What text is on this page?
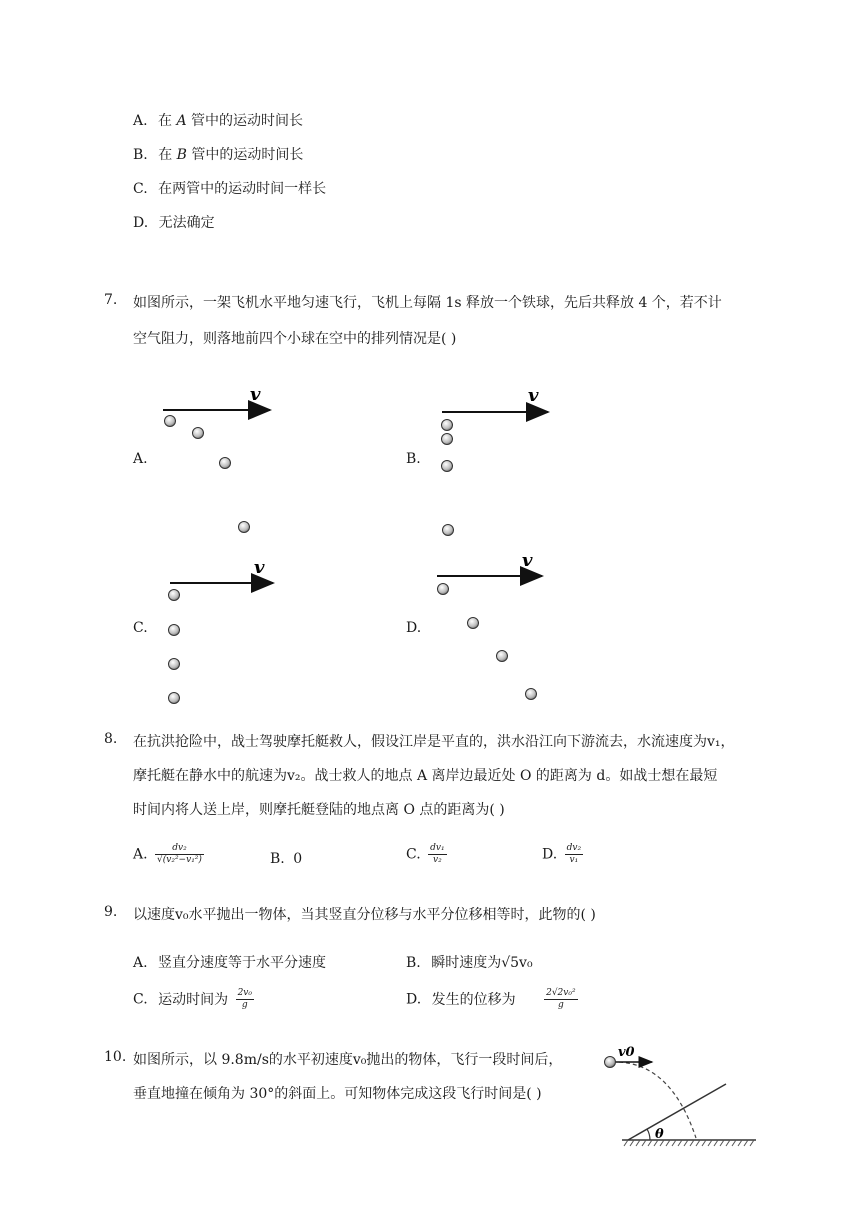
A. 在 A 管中的运动时间长
B. 在 B 管中的运动时间长
C. 在两管中的运动时间一样长
D. 无法确定
7. 如图所示，一架飞机水平地匀速飞行，飞机上每隔 1s 释放一个铁球，先后共释放 4 个，若不计
空气阻力，则落地前四个小球在空中的排列情况是( )
v	v
v	v
A.	B.
C.	D.
8. 在抗洪抢险中，战士驾驶摩托艇救人，假设江岸是平直的，洪水沿江向下游流去，水流速度为v₁，
摩托艇在静水中的航速为v₂。战士救人的地点 A 离岸边最近处 O 的距离为 d。如战士想在最短
时间内将人送上岸，则摩托艇登陆的地点离 O 点的距离为( )
A. $\frac{\text{dv₂}}{\text{√(v₂²−v₁²)}}$	B. 0	C. $\frac{\text{dv₁}}{\text{v₂}}$	D. $\frac{\text{dv₂}}{\text{v₁}}$
9. 以速度v₀水平抛出一物体，当其竖直分位移与水平分位移相等时，此物的( )
A. 竖直分速度等于水平分速度	B. 瞬时速度为√5v₀
C. 运动时间为 $\frac{\text{2v₀}}{g}$	D. 发生的位移为	$\frac{\text{2√2v₀²}}{g}$
10. 如图所示，以 9.8m/s的水平初速度v₀抛出的物体，飞行一段时间后，
垂直地撞在倾角为 30°的斜面上。可知物体完成这段飞行时间是( )
θ
v0
